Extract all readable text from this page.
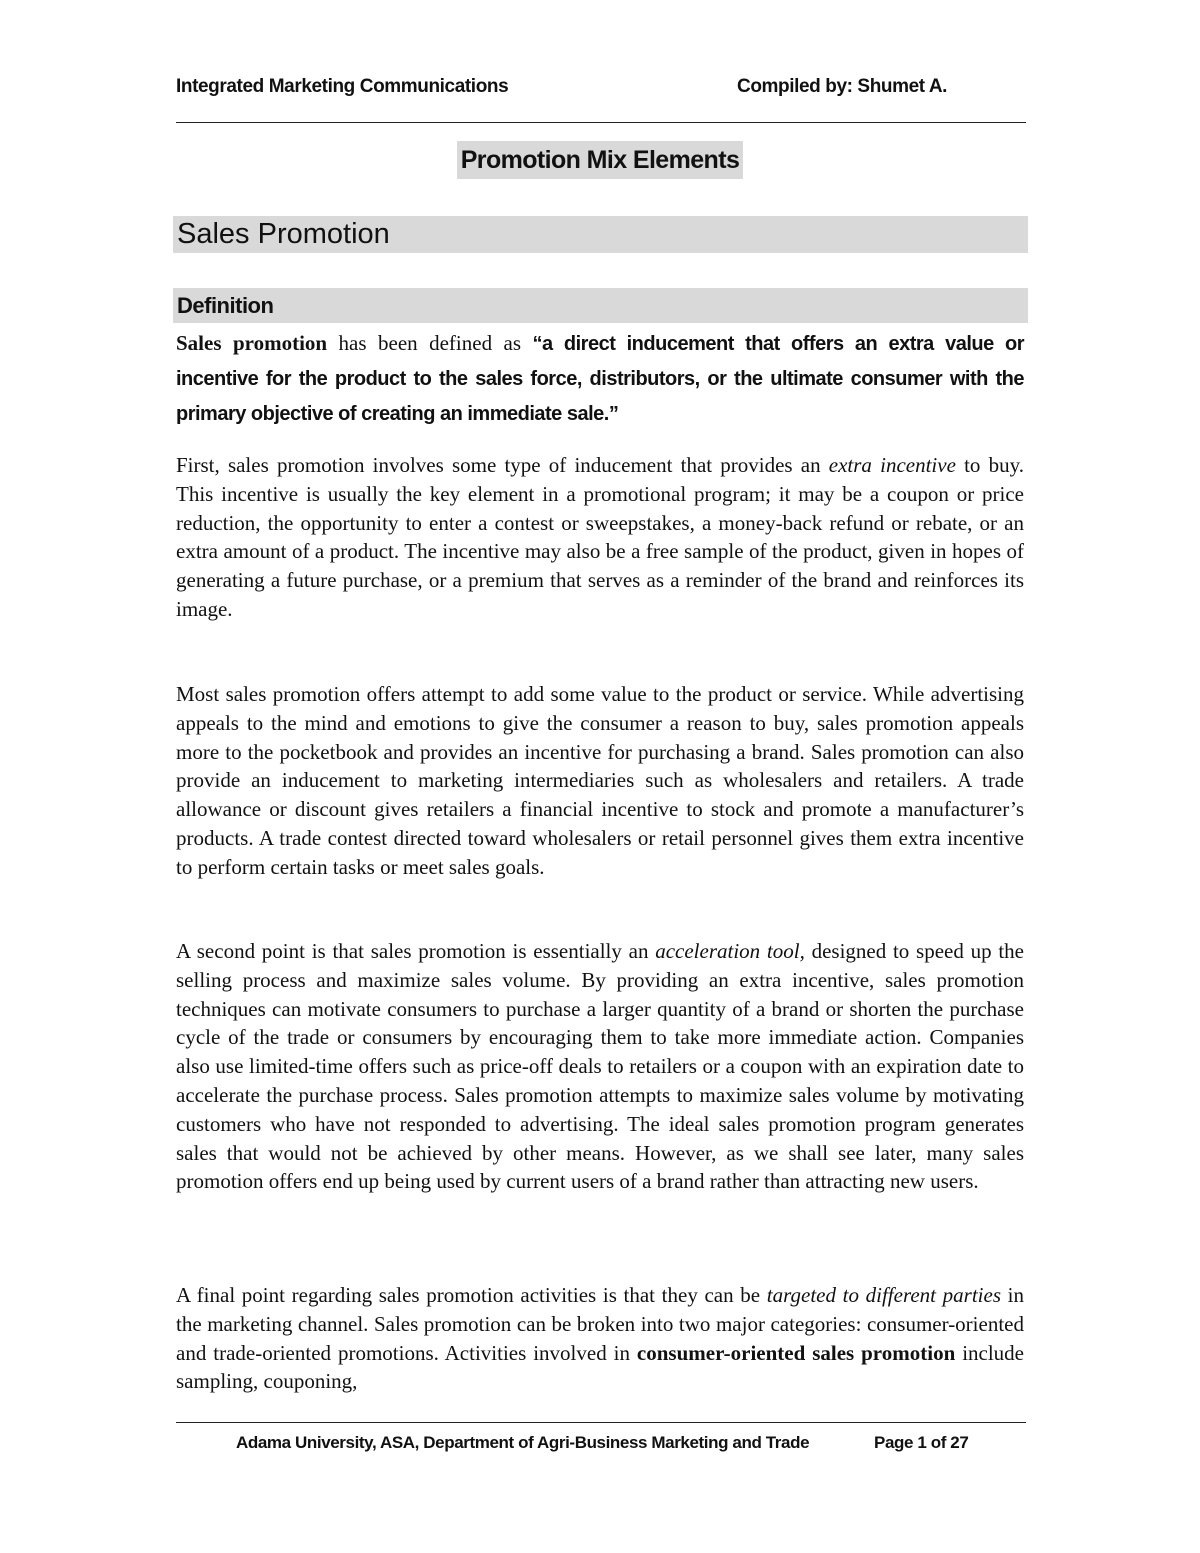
Integrated Marketing Communications	Compiled by: Shumet A.
Promotion Mix Elements
Sales Promotion
Definition
Sales promotion has been defined as “a direct inducement that offers an extra value or incentive for the product to the sales force, distributors, or the ultimate consumer with the primary objective of creating an immediate sale.”

First, sales promotion involves some type of inducement that provides an extra incentive to buy. This incentive is usually the key element in a promotional program; it may be a coupon or price reduction, the opportunity to enter a contest or sweepstakes, a money-back refund or rebate, or an extra amount of a product. The incentive may also be a free sample of the product, given in hopes of generating a future purchase, or a premium that serves as a reminder of the brand and reinforces its image.

Most sales promotion offers attempt to add some value to the product or service. While advertising appeals to the mind and emotions to give the consumer a reason to buy, sales promotion appeals more to the pocketbook and provides an incentive for purchasing a brand. Sales promotion can also provide an inducement to marketing intermediaries such as wholesalers and retailers. A trade allowance or discount gives retailers a financial incentive to stock and promote a manufacturer’s products. A trade contest directed toward wholesalers or retail personnel gives them extra incentive to perform certain tasks or meet sales goals.

A second point is that sales promotion is essentially an acceleration tool, designed to speed up the selling process and maximize sales volume. By providing an extra incentive, sales promotion techniques can motivate consumers to purchase a larger quantity of a brand or shorten the purchase cycle of the trade or consumers by encouraging them to take more immediate action. Companies also use limited-time offers such as price-off deals to retailers or a coupon with an expiration date to accelerate the purchase process. Sales promotion attempts to maximize sales volume by motivating customers who have not responded to advertising. The ideal sales promotion program generates sales that would not be achieved by other means. However, as we shall see later, many sales promotion offers end up being used by current users of a brand rather than attracting new users.

A final point regarding sales promotion activities is that they can be targeted to different parties in the marketing channel. Sales promotion can be broken into two major categories: consumer-oriented and trade-oriented promotions. Activities involved in consumer-oriented sales promotion include sampling, couponing,

Adama University, ASA, Department of Agri-Business Marketing and Trade	Page 1 of 27
